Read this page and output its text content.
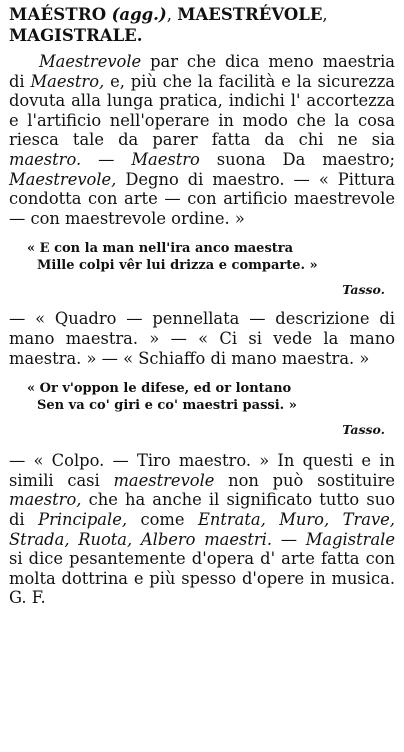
MAÉSTRO (agg.), MAESTRÉVOLE, MAGISTRALE.

Maestrevole par che dica meno maestria di Maestro, e, più che la facilità e la sicurezza dovuta alla lunga pratica, indichi l' accortezza e l'artificio nell'operare in modo che la cosa riesca tale da parer fatta da chi ne sia maestro. — Maestro suona Da maestro; Maestrevole, Degno di maestro. — « Pittura condotta con arte — con artificio maestrevole — con maestrevole ordine. »

« E con la man nell'ira anco maestra
Mille colpi vêr lui drizza e comparte. »
Tasso.

— « Quadro — pennellata — descrizione di mano maestra. » — « Ci si vede la mano maestra. » — « Schiaffo di mano maestra. »

« Or v'oppon le difese, ed or lontano
Sen va co' giri e co' maestri passi. »
Tasso.

— « Colpo. — Tiro maestro. » In questi e in simili casi maestrevole non può sostituire maestro, che ha anche il significato tutto suo di Principale, come Entrata, Muro, Trave, Strada, Ruota, Albero maestri. — Magistrale si dice pesantemente d'opera d' arte fatta con molta dottrina e più spesso d'opere in musica. G. F.
